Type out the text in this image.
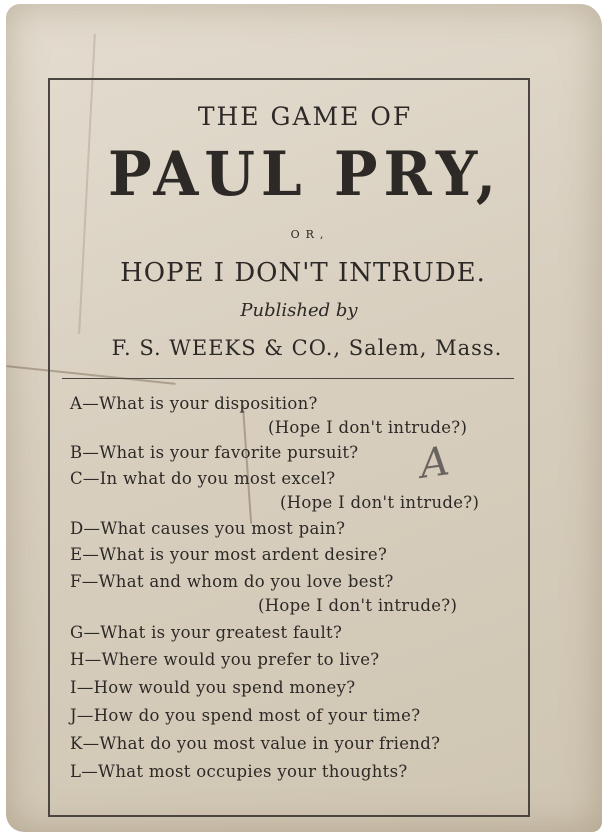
THE GAME OF
PAUL PRY,
OR,
HOPE I DON'T INTRUDE.
Published by
F. S. WEEKS & CO., Salem, Mass.
A—What is your disposition?
(Hope I don't intrude?)
B—What is your favorite pursuit?
C—In what do you most excel?
(Hope I don't intrude?)
D—What causes you most pain?
E—What is your most ardent desire?
F—What and whom do you love best?
(Hope I don't intrude?)
G—What is your greatest fault?
H—Where would you prefer to live?
I—How would you spend money?
J—How do you spend most of your time?
K—What do you most value in your friend?
L—What most occupies your thoughts?
A
